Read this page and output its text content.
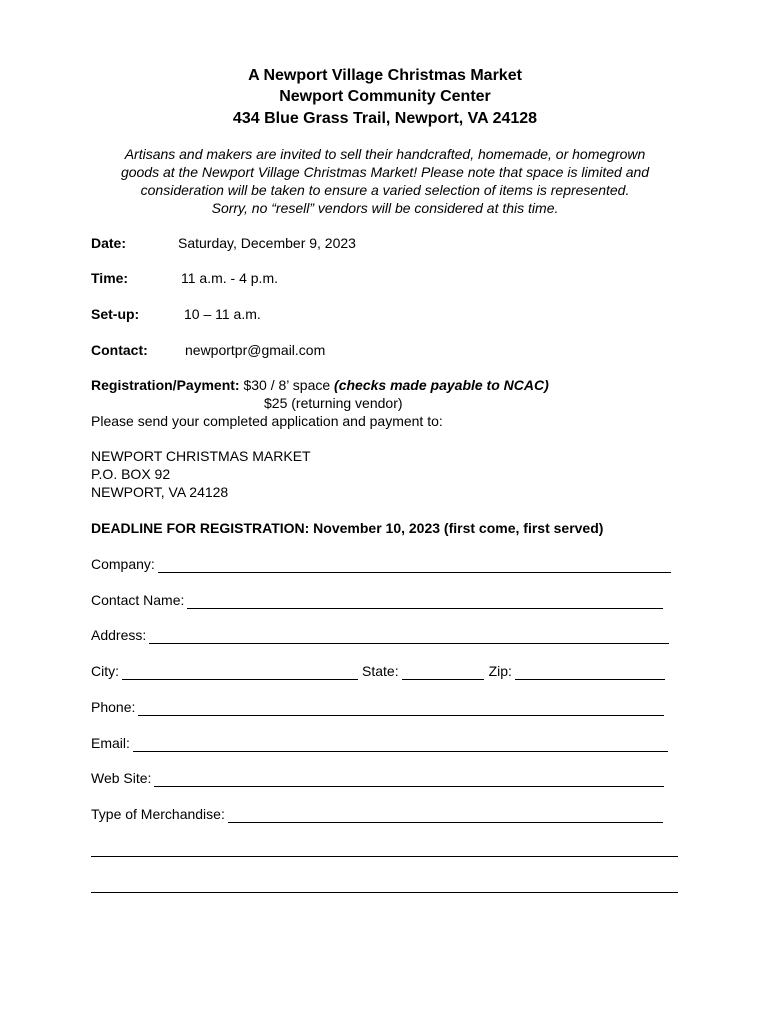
A Newport Village Christmas Market
Newport Community Center
434 Blue Grass Trail, Newport, VA 24128
Artisans and makers are invited to sell their handcrafted, homemade, or homegrown
goods at the Newport Village Christmas Market! Please note that space is limited and
consideration will be taken to ensure a varied selection of items is represented.
Sorry, no “resell” vendors will be considered at this time.
Date:	Saturday, December 9, 2023
Time:	11 a.m. - 4 p.m.
Set-up:	10 – 11 a.m.
Contact:	newportpr@gmail.com
Registration/Payment: $30 / 8’ space (checks made payable to NCAC)
$25 (returning vendor)
Please send your completed application and payment to:
NEWPORT CHRISTMAS MARKET
P.O. BOX 92
NEWPORT, VA 24128
DEADLINE FOR REGISTRATION: November 10, 2023 (first come, first served)
Company:
Contact Name:
Address:
City:	State:	Zip:
Phone:
Email:
Web Site:
Type of Merchandise:
